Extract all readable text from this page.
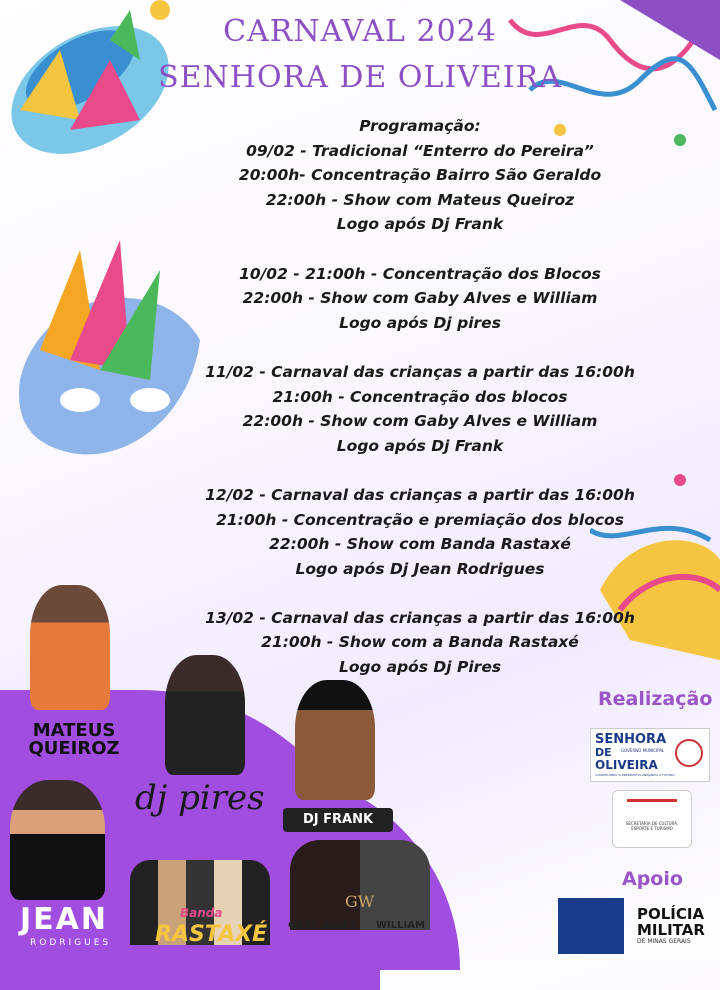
CARNAVAL 2024
SENHORA DE OLIVEIRA
Programação:
09/02 - Tradicional “Enterro do Pereira”
20:00h- Concentração Bairro São Geraldo
22:00h - Show com Mateus Queiroz
Logo após Dj Frank
10/02 - 21:00h - Concentração dos Blocos
22:00h - Show com Gaby Alves e William
Logo após Dj pires
11/02 - Carnaval das crianças a partir das 16:00h
21:00h - Concentração dos blocos
22:00h - Show com Gaby Alves e William
Logo após Dj Frank
12/02 - Carnaval das crianças a partir das 16:00h
21:00h - Concentração e premiação dos blocos
22:00h - Show com Banda Rastaxé
Logo após Dj Jean Rodrigues
13/02 - Carnaval das crianças a partir das 16:00h
21:00h - Show com a Banda Rastaxé
Logo após Dj Pires
MATEUS QUEIROZ
dj pires
DJ FRANK
JEAN
RODRIGUES
Banda
RASTAXÉ
GW
GABY ALVES WILLIAM
Realização
SENHORA
DE GOVERNO MUNICIPAL
OLIVEIRA
CONSTRUINDO O PRESENTE PLANEJANDO O FUTURO
SECRETARIA DE CULTURA, ESPORTE E TURISMO
Apoio
POLÍCIA
MILITAR
DE MINAS GERAIS
